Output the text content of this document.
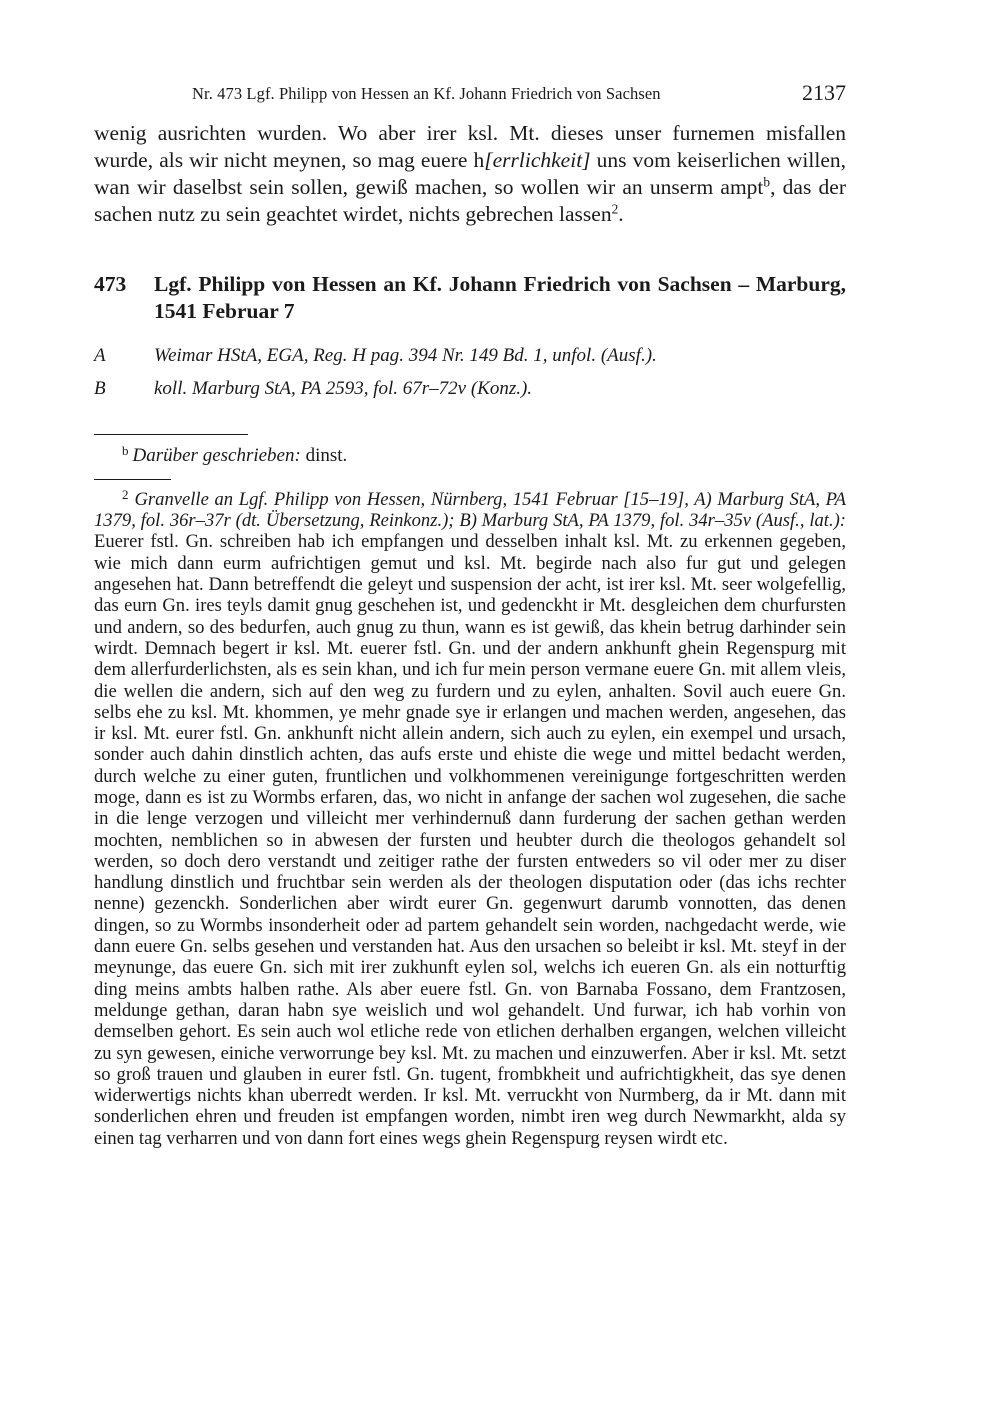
Nr. 473 Lgf. Philipp von Hessen an Kf. Johann Friedrich von Sachsen	2137

wenig ausrichten wurden. Wo aber irer ksl. Mt. dieses unser furnemen misfallen wurde, als wir nicht meynen, so mag euere h[errlichkeit] uns vom keiserlichen willen, wan wir daselbst sein sollen, gewiß machen, so wollen wir an unserm ampt$^b$, das der sachen nutz zu sein geachtet wirdet, nichts gebrechen lassen$^2$.

473 Lgf. Philipp von Hessen an Kf. Johann Friedrich von Sachsen – Marburg, 1541 Februar 7
A	Weimar HStA, EGA, Reg. H pag. 394 Nr. 149 Bd. 1, unfol. (Ausf.).
B	koll. Marburg StA, PA 2593, fol. 67r–72v (Konz.).
$^b$ Darüber geschrieben: dinst.

$^2$ Granvelle an Lgf. Philipp von Hessen, Nürnberg, 1541 Februar [15–19], A) Marburg StA, PA 1379, fol. 36r–37r (dt. Übersetzung, Reinkonz.); B) Marburg StA, PA 1379, fol. 34r–35v (Ausf., lat.): Euerer fstl. Gn. schreiben hab ich empfangen und desselben inhalt ksl. Mt. zu erkennen gegeben, wie mich dann eurm aufrichtigen gemut und ksl. Mt. begirde nach also fur gut und gelegen angesehen hat. Dann betreffendt die geleyt und suspension der acht, ist irer ksl. Mt. seer wolgefellig, das eurn Gn. ires teyls damit gnug geschehen ist, und gedenckht ir Mt. desgleichen dem churfursten und andern, so des bedurfen, auch gnug zu thun, wann es ist gewiß, das khein betrug darhinder sein wirdt. Demnach begert ir ksl. Mt. euerer fstl. Gn. und der andern ankhunft ghein Regenspurg mit dem allerfurderlichsten, als es sein khan, und ich fur mein person vermane euere Gn. mit allem vleis, die wellen die andern, sich auf den weg zu furdern und zu eylen, anhalten. Sovil auch euere Gn. selbs ehe zu ksl. Mt. khommen, ye mehr gnade sye ir erlangen und machen werden, angesehen, das ir ksl. Mt. eurer fstl. Gn. ankhunft nicht allein andern, sich auch zu eylen, ein exempel und ursach, sonder auch dahin dinstlich achten, das aufs erste und ehiste die wege und mittel bedacht werden, durch welche zu einer guten, fruntlichen und volkhommenen vereinigunge fortgeschritten werden moge, dann es ist zu Wormbs erfaren, das, wo nicht in anfange der sachen wol zugesehen, die sache in die lenge verzogen und villeicht mer verhindernuß dann furderung der sachen gethan werden mochten, nemblichen so in abwesen der fursten und heubter durch die theologos gehandelt sol werden, so doch dero verstandt und zeitiger rathe der fursten entweders so vil oder mer zu diser handlung dinstlich und fruchtbar sein werden als der theologen disputation oder (das ichs rechter nenne) gezenckh. Sonderlichen aber wirdt eurer Gn. gegenwurt darumb vonnotten, das denen dingen, so zu Wormbs insonderheit oder ad partem gehandelt sein worden, nachgedacht werde, wie dann euere Gn. selbs gesehen und verstanden hat. Aus den ursachen so beleibt ir ksl. Mt. steyf in der meynunge, das euere Gn. sich mit irer zukhunft eylen sol, welchs ich eueren Gn. als ein notturftig ding meins ambts halben rathe. Als aber euere fstl. Gn. von Barnaba Fossano, dem Frantzosen, meldunge gethan, daran habn sye weislich und wol gehandelt. Und furwar, ich hab vorhin von demselben gehort. Es sein auch wol etliche rede von etlichen derhalben ergangen, welchen villeicht zu syn gewesen, einiche verworrunge bey ksl. Mt. zu machen und einzuwerfen. Aber ir ksl. Mt. setzt so groß trauen und glauben in eurer fstl. Gn. tugent, frombkheit und aufrichtigkheit, das sye denen widerwertigs nichts khan uberredt werden. Ir ksl. Mt. verruckht von Nurmberg, da ir Mt. dann mit sonderlichen ehren und freuden ist empfangen worden, nimbt iren weg durch Newmarkht, alda sy einen tag verharren und von dann fort eines wegs ghein Regenspurg reysen wirdt etc.
